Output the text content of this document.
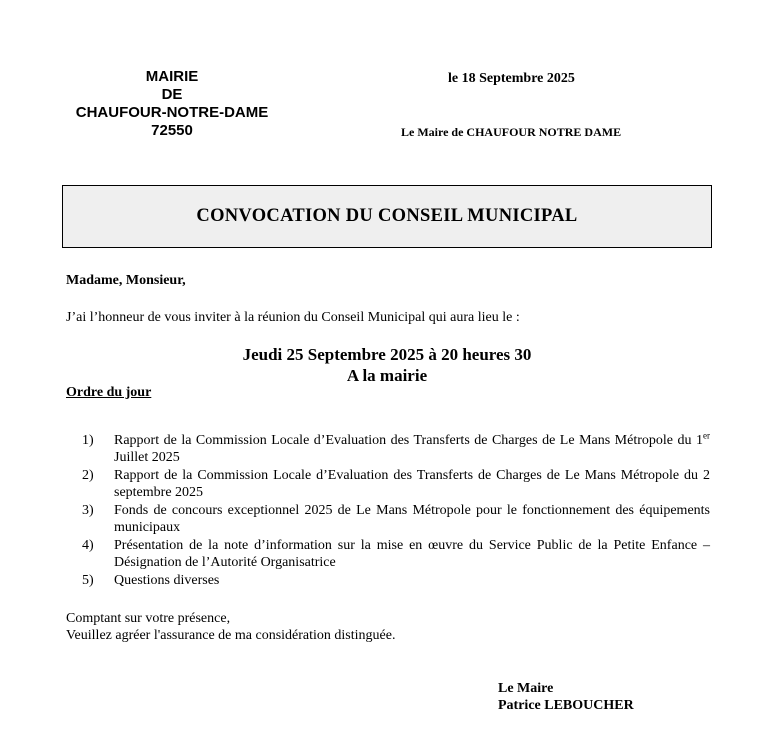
MAIRIE
DE
CHAUFOUR-NOTRE-DAME
72550
le 18 Septembre 2025
Le Maire de CHAUFOUR NOTRE DAME
CONVOCATION DU CONSEIL MUNICIPAL
Madame, Monsieur,
J’ai l’honneur de vous inviter à la réunion du Conseil Municipal qui aura lieu le :
Jeudi 25 Septembre 2025 à 20 heures 30
A la mairie
Ordre du jour
1)	Rapport de la Commission Locale d’Evaluation des Transferts de Charges de Le Mans Métropole du 1er Juillet 2025
2)	Rapport de la Commission Locale d’Evaluation des Transferts de Charges de Le Mans Métropole du 2 septembre 2025
3)	Fonds de concours exceptionnel 2025 de Le Mans Métropole pour le fonctionnement des équipements municipaux
4)	Présentation de la note d’information sur la mise en œuvre du Service Public de la Petite Enfance – Désignation de l’Autorité Organisatrice
5)	Questions diverses
Comptant sur votre présence,
Veuillez agréer l'assurance de ma considération distinguée.
Le Maire
Patrice LEBOUCHER
